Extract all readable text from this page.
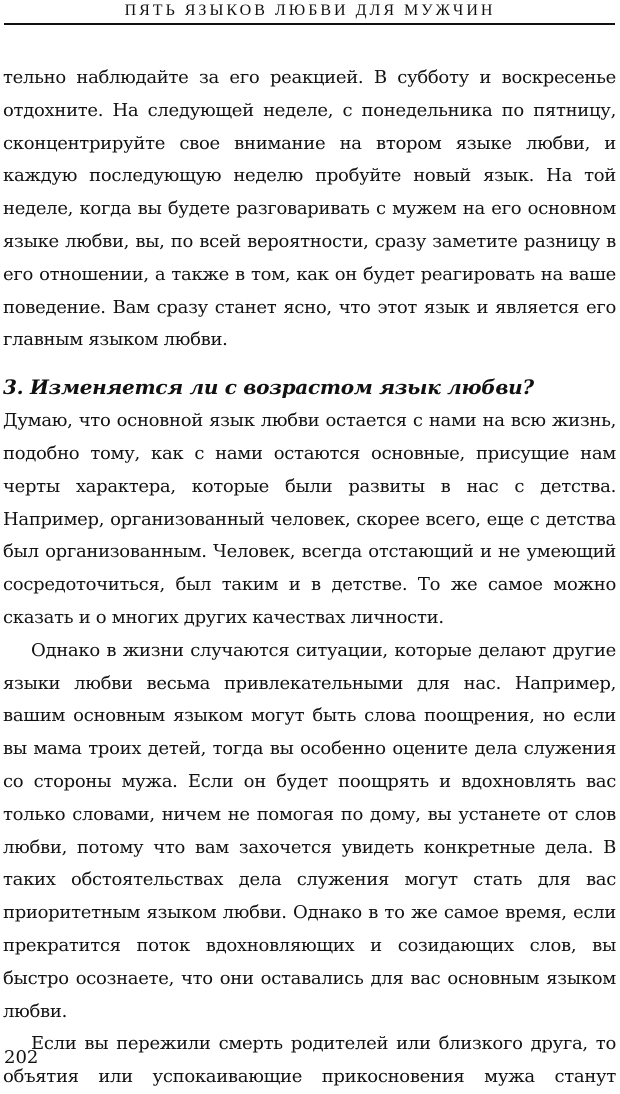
ПЯТЬ ЯЗЫКОВ ЛЮБВИ ДЛЯ МУЖЧИН

тельно наблюдайте за его реакцией. В субботу и воскресенье отдохните. На следующей неделе, с понедельника по пятницу, сконцентрируйте свое внимание на втором языке любви, и каждую последующую неделю пробуйте новый язык. На той неделе, когда вы будете разговаривать с мужем на его основном языке любви, вы, по всей вероятности, сразу заметите разницу в его отношении, а также в том, как он будет реагировать на ваше поведение. Вам сразу станет ясно, что этот язык и является его главным языком любви.

3. Изменяется ли с возрастом язык любви?

Думаю, что основной язык любви остается с нами на всю жизнь, подобно тому, как с нами остаются основные, присущие нам черты характера, которые были развиты в нас с детства. Например, организованный человек, скорее всего, еще с детства был организованным. Человек, всегда отстающий и не умеющий сосредоточиться, был таким и в детстве. То же самое можно сказать и о многих других качествах личности.

Однако в жизни случаются ситуации, которые делают другие языки любви весьма привлекательными для нас. Например, вашим основным языком могут быть слова поощрения, но если вы мама троих детей, тогда вы особенно оцените дела служения со стороны мужа. Если он будет поощрять и вдохновлять вас только словами, ничем не помогая по дому, вы устанете от слов любви, потому что вам захочется увидеть конкретные дела. В таких обстоятельствах дела служения могут стать для вас приоритетным языком любви. Однако в то же самое время, если прекратится поток вдохновляющих и созидающих слов, вы быстро осознаете, что они оставались для вас основным языком любви.

Если вы пережили смерть родителей или близкого друга, то объятия или успокаивающие прикосновения мужа станут

202
